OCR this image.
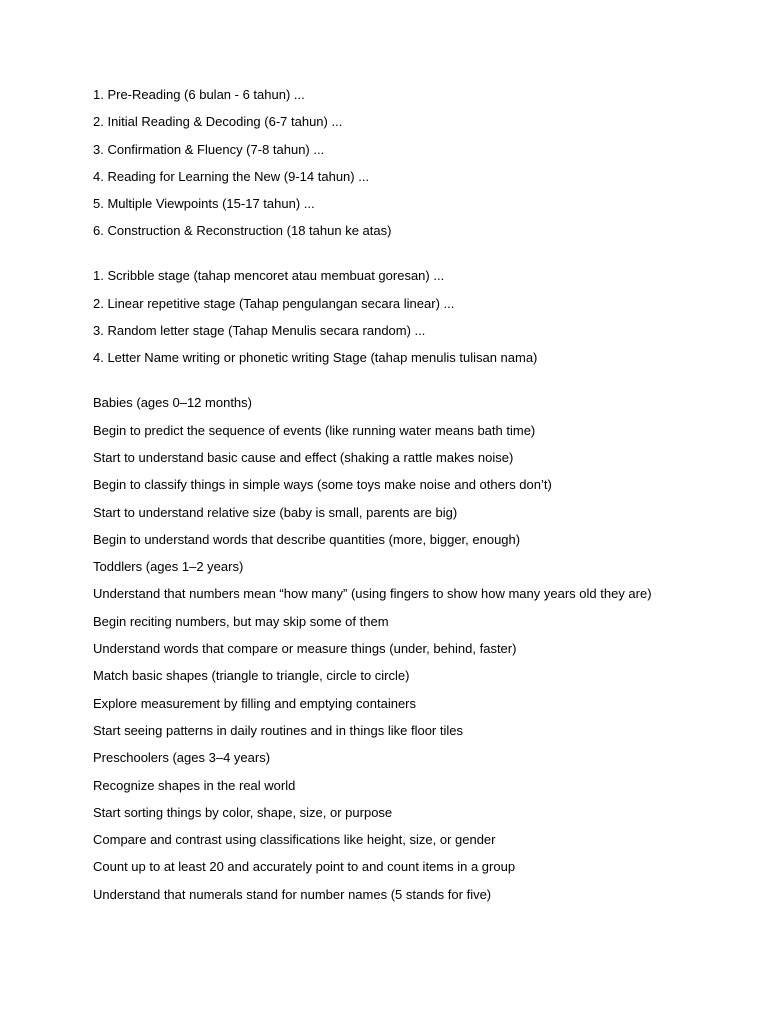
1. Pre-Reading (6 bulan - 6 tahun) ...
2. Initial Reading & Decoding (6-7 tahun) ...
3. Confirmation & Fluency (7-8 tahun) ...
4. Reading for Learning the New (9-14 tahun) ...
5. Multiple Viewpoints (15-17 tahun) ...
6. Construction & Reconstruction (18 tahun ke atas)
1. Scribble stage (tahap mencoret atau membuat goresan) ...
2. Linear repetitive stage (Tahap pengulangan secara linear) ...
3. Random letter stage (Tahap Menulis secara random) ...
4. Letter Name writing or phonetic writing Stage (tahap menulis tulisan nama)
Babies (ages 0–12 months)
Begin to predict the sequence of events (like running water means bath time)
Start to understand basic cause and effect (shaking a rattle makes noise)
Begin to classify things in simple ways (some toys make noise and others don’t)
Start to understand relative size (baby is small, parents are big)
Begin to understand words that describe quantities (more, bigger, enough)
Toddlers (ages 1–2 years)
Understand that numbers mean “how many” (using fingers to show how many years old they are)
Begin reciting numbers, but may skip some of them
Understand words that compare or measure things (under, behind, faster)
Match basic shapes (triangle to triangle, circle to circle)
Explore measurement by filling and emptying containers
Start seeing patterns in daily routines and in things like floor tiles
Preschoolers (ages 3–4 years)
Recognize shapes in the real world
Start sorting things by color, shape, size, or purpose
Compare and contrast using classifications like height, size, or gender
Count up to at least 20 and accurately point to and count items in a group
Understand that numerals stand for number names (5 stands for five)
